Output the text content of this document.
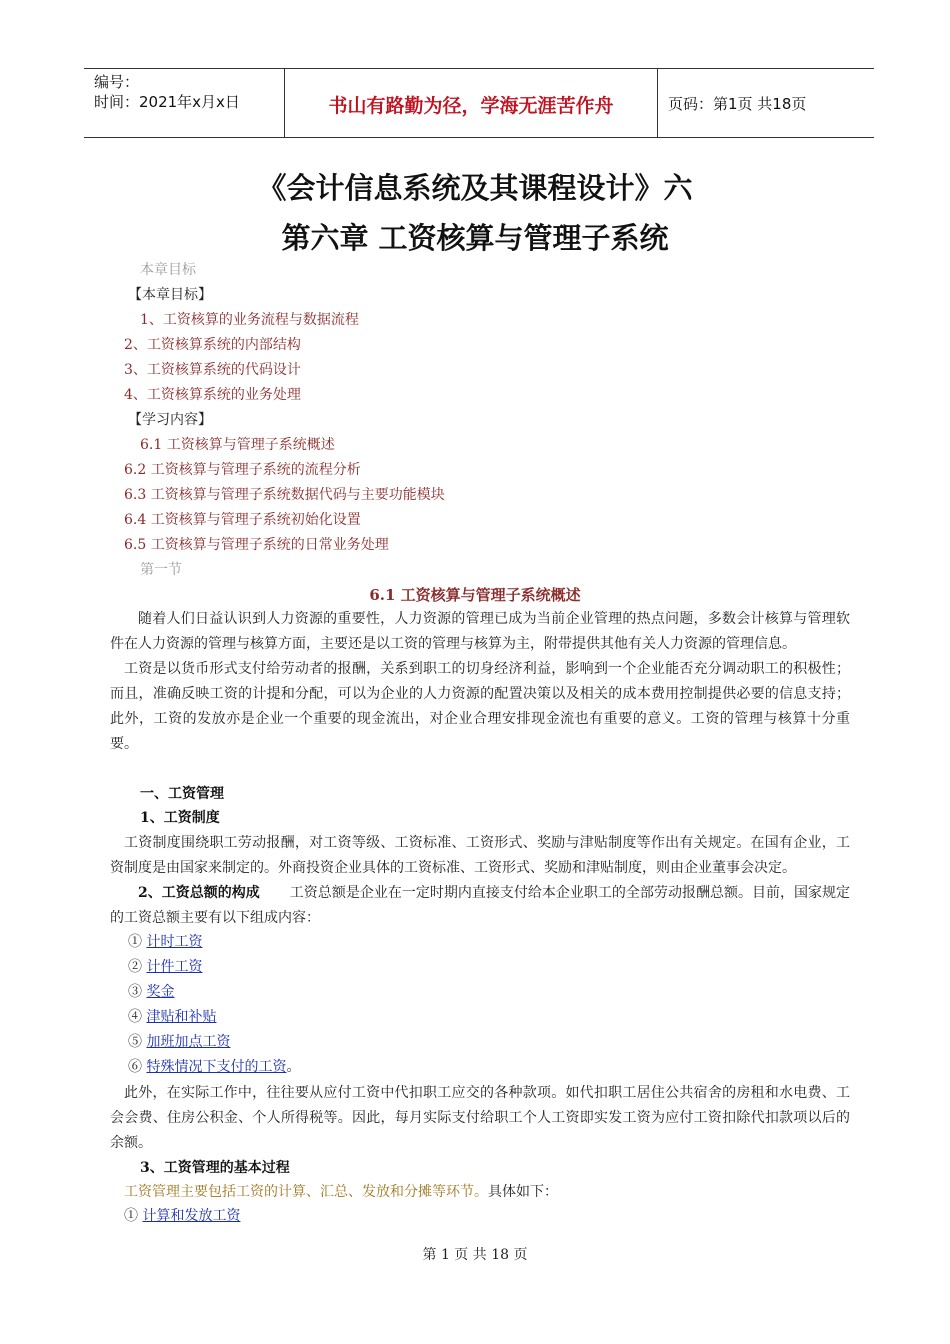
编号：
时间：2021年x月x日	书山有路勤为径，学海无涯苦作舟	页码：第1页 共18页
《会计信息系统及其课程设计》六
第六章 工资核算与管理子系统
本章目标
【本章目标】
1、工资核算的业务流程与数据流程
2、工资核算系统的内部结构
3、工资核算系统的代码设计
4、工资核算系统的业务处理
【学习内容】
6.1 工资核算与管理子系统概述
6.2 工资核算与管理子系统的流程分析
6.3 工资核算与管理子系统数据代码与主要功能模块
6.4 工资核算与管理子系统初始化设置
6.5 工资核算与管理子系统的日常业务处理
第一节
6.1 工资核算与管理子系统概述
随着人们日益认识到人力资源的重要性，人力资源的管理已成为当前企业管理的热点问题，多数会计核算与管理软件在人力资源的管理与核算方面，主要还是以工资的管理与核算为主，附带提供其他有关人力资源的管理信息。
工资是以货币形式支付给劳动者的报酬，关系到职工的切身经济利益，影响到一个企业能否充分调动职工的积极性；而且，准确反映工资的计提和分配，可以为企业的人力资源的配置决策以及相关的成本费用控制提供必要的信息支持；此外，工资的发放亦是企业一个重要的现金流出，对企业合理安排现金流也有重要的意义。工资的管理与核算十分重要。
一、工资管理
1、工资制度
工资制度围绕职工劳动报酬，对工资等级、工资标准、工资形式、奖励与津贴制度等作出有关规定。在国有企业，工资制度是由国家来制定的。外商投资企业具体的工资标准、工资形式、奖励和津贴制度，则由企业董事会决定。
2、工资总额的构成 工资总额是企业在一定时期内直接支付给本企业职工的全部劳动报酬总额。目前，国家规定的工资总额主要有以下组成内容：
① 计时工资
② 计件工资
③ 奖金
④ 津贴和补贴
⑤ 加班加点工资
⑥ 特殊情况下支付的工资。
此外，在实际工作中，往往要从应付工资中代扣职工应交的各种款项。如代扣职工居住公共宿舍的房租和水电费、工会会费、住房公积金、个人所得税等。因此，每月实际支付给职工个人工资即实发工资为应付工资扣除代扣款项以后的余额。
3、工资管理的基本过程
工资管理主要包括工资的计算、汇总、发放和分摊等环节。具体如下：
① 计算和发放工资
第 1 页 共 18 页
